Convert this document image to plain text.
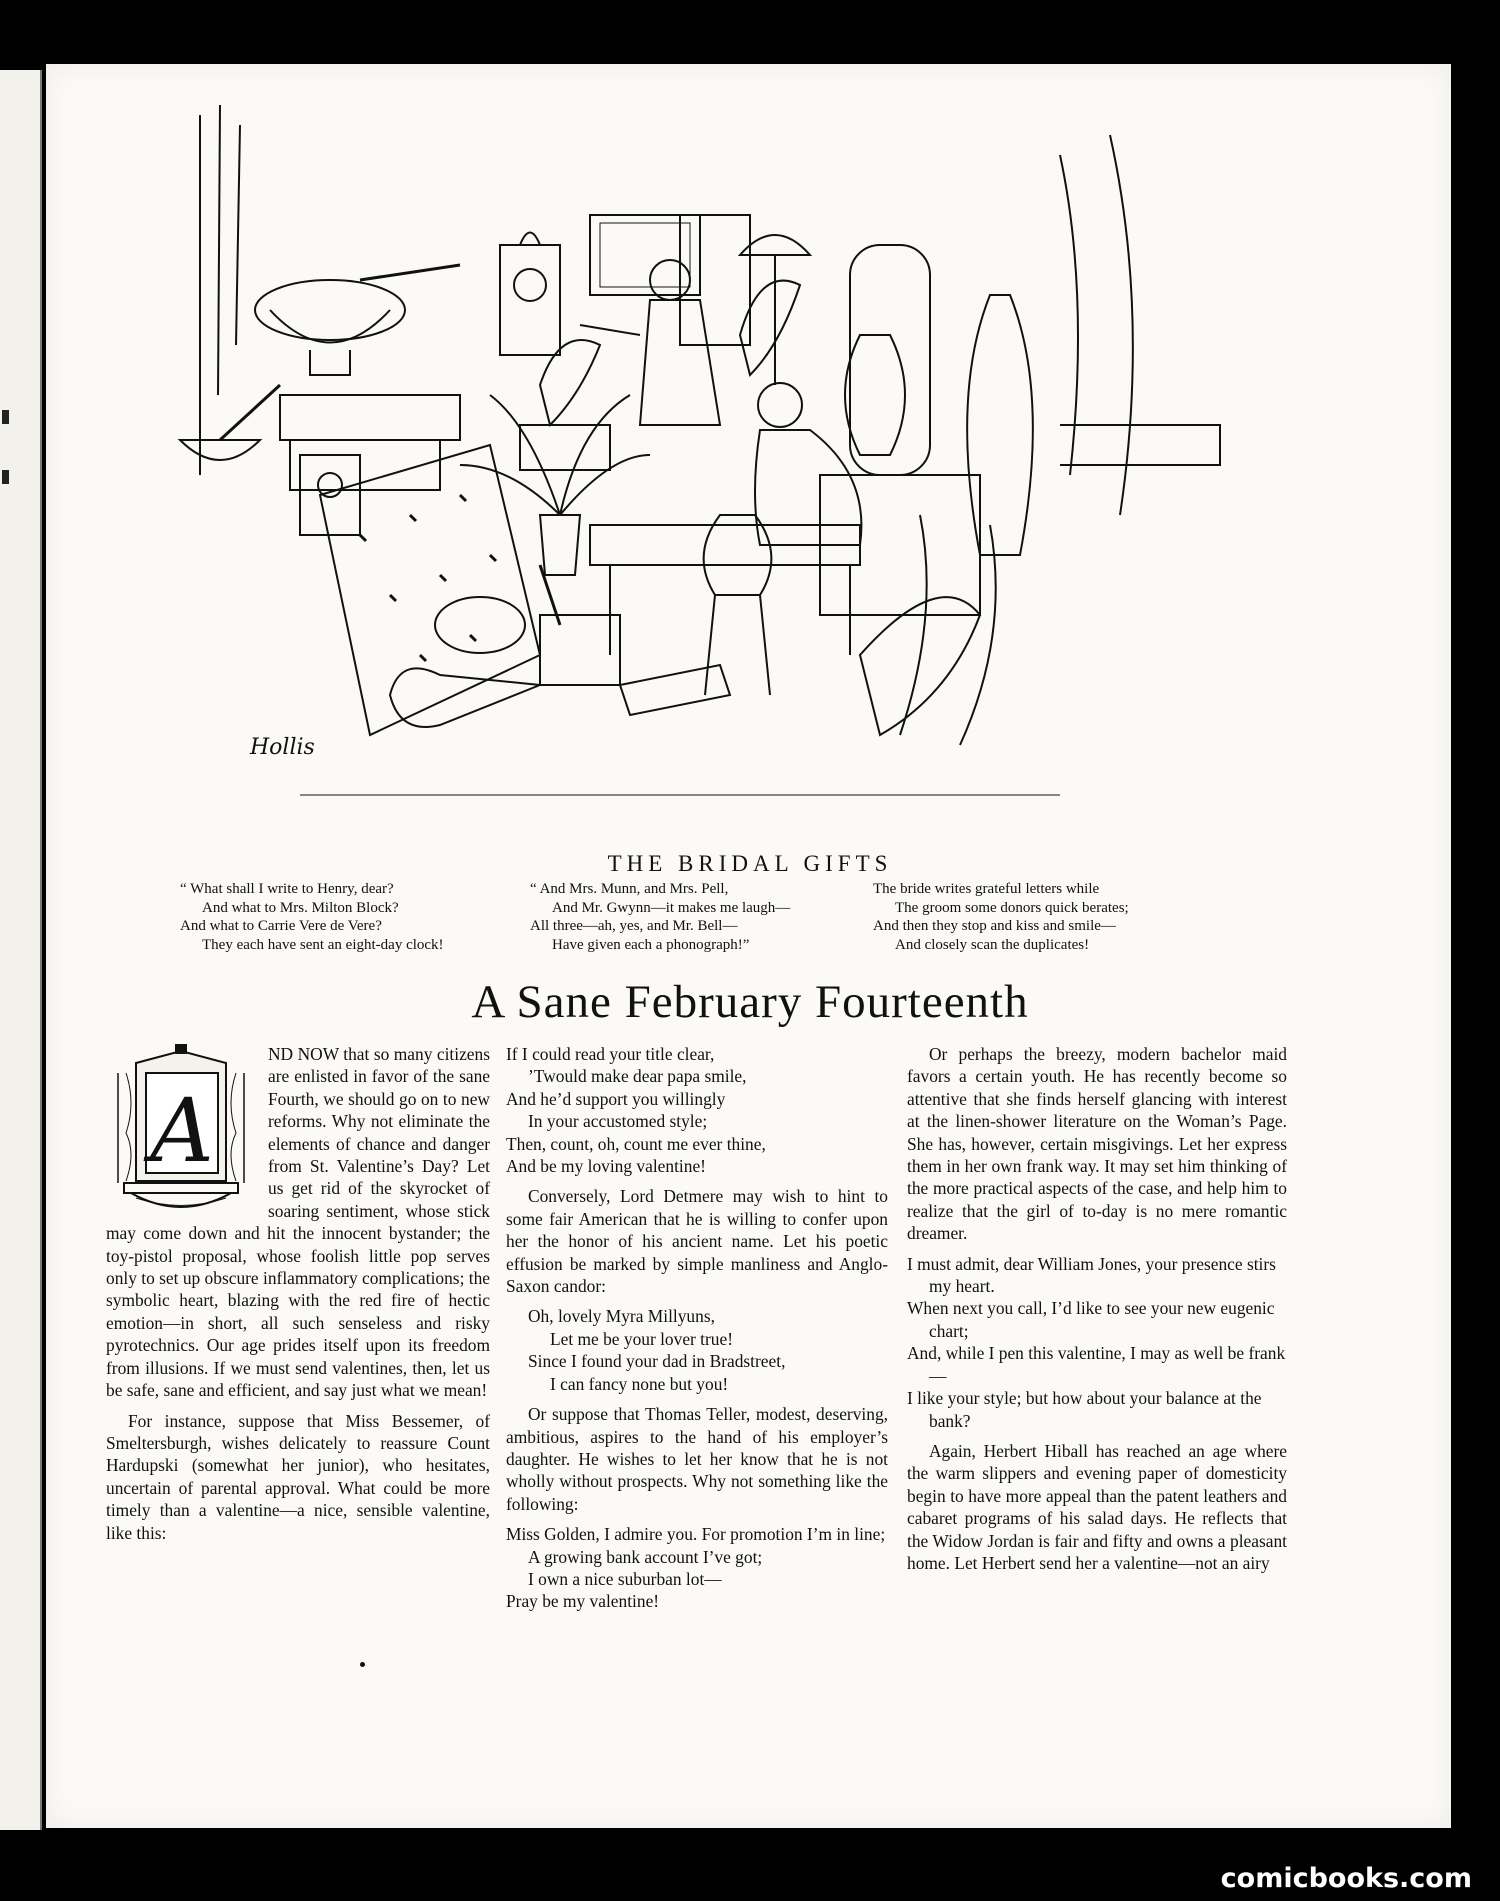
Hollis
THE BRIDAL GIFTS
“ What shall I write to Henry, dear?
And what to Mrs. Milton Block?
And what to Carrie Vere de Vere?
They each have sent an eight-day clock!
“ And Mrs. Munn, and Mrs. Pell,
And Mr. Gwynn—it makes me laugh—
All three—ah, yes, and Mr. Bell—
Have given each a phonograph!”
The bride writes grateful letters while
The groom some donors quick berates;
And then they stop and kiss and smile—
And closely scan the duplicates!
A Sane February Fourteenth
A

ND NOW that so many citizens are enlisted in favor of the sane Fourth, we should go on to new reforms. Why not eliminate the elements of chance and danger from St. Valentine’s Day? Let us get rid of the skyrocket of soaring sentiment, whose stick may come down and hit the innocent bystander; the toy-pistol proposal, whose foolish little pop serves only to set up obscure inflammatory complications; the symbolic heart, blazing with the red fire of hectic emotion—in short, all such senseless and risky pyrotechnics. Our age prides itself upon its freedom from illusions. If we must send valentines, then, let us be safe, sane and efficient, and say just what we mean!

For instance, suppose that Miss Bessemer, of Smeltersburgh, wishes delicately to reassure Count Hardupski (somewhat her junior), who hesitates, uncertain of parental approval. What could be more timely than a valentine—a nice, sensible valentine, like this:

If I could read your title clear,
’Twould make dear papa smile,
And he’d support you willingly
In your accustomed style;
Then, count, oh, count me ever thine,
And be my loving valentine!

Conversely, Lord Detmere may wish to hint to some fair American that he is willing to confer upon her the honor of his ancient name. Let his poetic effusion be marked by simple manliness and Anglo-Saxon candor:

Oh, lovely Myra Millyuns,
Let me be your lover true!
Since I found your dad in Bradstreet,
I can fancy none but you!

Or suppose that Thomas Teller, modest, deserving, ambitious, aspires to the hand of his employer’s daughter. He wishes to let her know that he is not wholly without prospects. Why not something like the following:

Miss Golden, I admire you. For promotion I’m in line;
A growing bank account I’ve got;
I own a nice suburban lot—
Pray be my valentine!

Or perhaps the breezy, modern bachelor maid favors a certain youth. He has recently become so attentive that she finds herself glancing with interest at the linen-shower literature on the Woman’s Page. She has, however, certain misgivings. Let her express them in her own frank way. It may set him thinking of the more practical aspects of the case, and help him to realize that the girl of to-day is no mere romantic dreamer.

I must admit, dear William Jones, your presence stirs my heart.
When next you call, I’d like to see your new eugenic chart;
And, while I pen this valentine, I may as well be frank—
I like your style; but how about your balance at the bank?

Again, Herbert Hiball has reached an age where the warm slippers and evening paper of domesticity begin to have more appeal than the patent leathers and cabaret programs of his salad days. He reflects that the Widow Jordan is fair and fifty and owns a pleasant home. Let Herbert send her a valentine—not an airy

comicbooks.com
